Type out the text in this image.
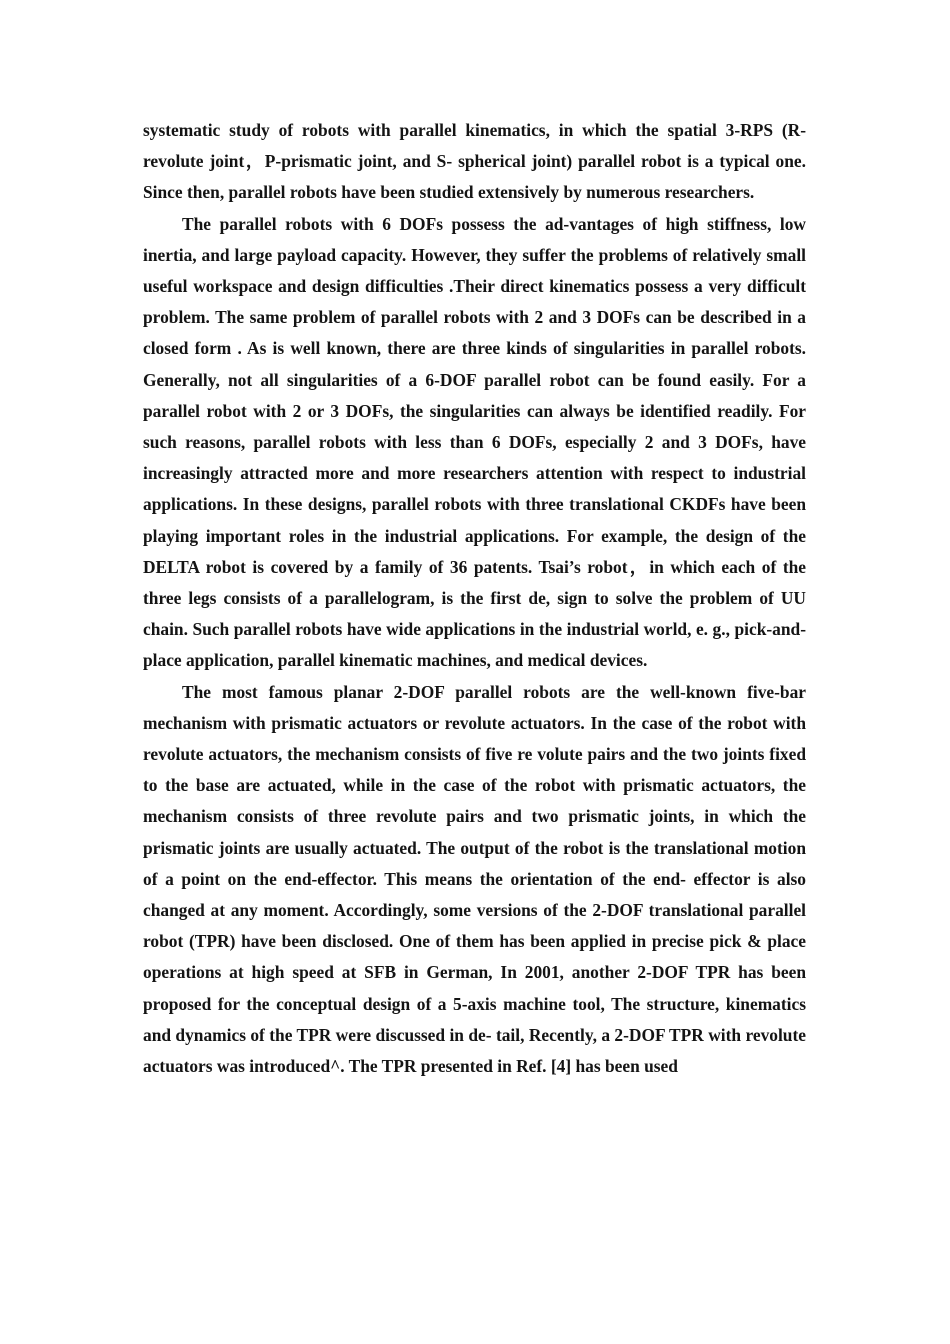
systematic study of robots with parallel kinematics, in which the spatial 3-RPS (R-revolute joint，P-prismatic joint, and S- spherical joint) parallel robot is a typical one. Since then, parallel robots have been studied extensively by numerous researchers.

The parallel robots with 6 DOFs possess the ad-vantages of high stiffness, low inertia, and large payload capacity. However, they suffer the problems of relatively small useful workspace and design difficulties .Their direct kinematics possess a very difficult problem. The same problem of parallel robots with 2 and 3 DOFs can be described in a closed form . As is well known, there are three kinds of singularities in parallel robots. Generally, not all singularities of a 6-DOF parallel robot can be found easily. For a parallel robot with 2 or 3 DOFs, the singularities can always be identified readily. For such reasons, parallel robots with less than 6 DOFs, especially 2 and 3 DOFs, have increasingly attracted more and more researchers attention with respect to industrial applications. In these designs, parallel robots with three translational CKDFs have been playing important roles in the industrial applications. For example, the design of the DELTA robot is covered by a family of 36 patents. Tsai’s robot，in which each of the three legs consists of a parallelogram, is the first de, sign to solve the problem of UU chain. Such parallel robots have wide applications in the industrial world, e. g., pick-and-place application, parallel kinematic machines, and medical devices.

The most famous planar 2-DOF parallel robots are the well-known five-bar mechanism with prismatic actuators or revolute actuators. In the case of the robot with revolute actuators, the mechanism consists of five re volute pairs and the two joints fixed to the base are actuated, while in the case of the robot with prismatic actuators, the mechanism consists of three revolute pairs and two prismatic joints, in which the prismatic joints are usually actuated. The output of the robot is the translational motion of a point on the end-effector. This means the orientation of the end- effector is also changed at any moment. Accordingly, some versions of the 2-DOF translational parallel robot (TPR) have been disclosed. One of them has been applied in precise pick & place operations at high speed at SFB in German, In 2001, another 2-DOF TPR has been proposed for the conceptual design of a 5-axis machine tool, The structure, kinematics and dynamics of the TPR were discussed in de- tail, Recently, a 2-DOF TPR with revolute actuators was introduced^. The TPR presented in Ref. [4] has been used
